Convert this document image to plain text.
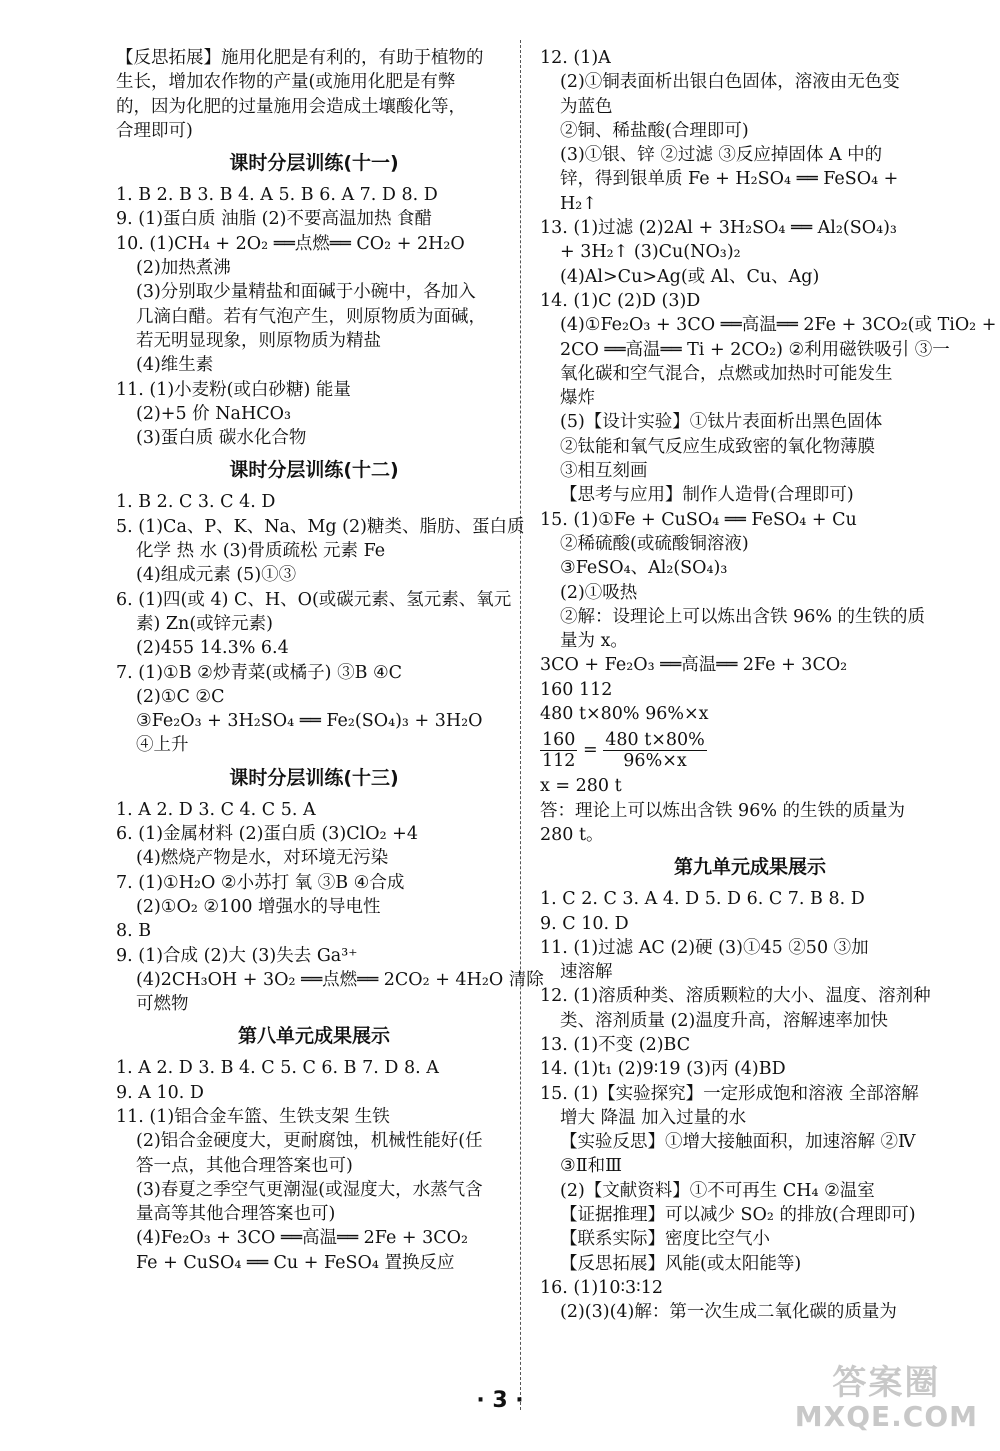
【反思拓展】施用化肥是有利的，有助于植物的
生长，增加农作物的产量(或施用化肥是有弊
的，因为化肥的过量施用会造成土壤酸化等，
合理即可)
课时分层训练(十一)
1. B 2. B 3. B 4. A 5. B 6. A 7. D 8. D
9. (1)蛋白质 油脂 (2)不要高温加热 食醋
10. (1)CH₄ + 2O₂ ══点燃══ CO₂ + 2H₂O
(2)加热煮沸
(3)分别取少量精盐和面碱于小碗中，各加入
几滴白醋。若有气泡产生，则原物质为面碱，
若无明显现象，则原物质为精盐
(4)维生素
11. (1)小麦粉(或白砂糖) 能量
(2)+5 价 NaHCO₃
(3)蛋白质 碳水化合物
课时分层训练(十二)
1. B 2. C 3. C 4. D
5. (1)Ca、P、K、Na、Mg (2)糖类、脂肪、蛋白质
化学 热 水 (3)骨质疏松 元素 Fe
(4)组成元素 (5)①③
6. (1)四(或 4) C、H、O(或碳元素、氢元素、氧元
素) Zn(或锌元素)
(2)455 14.3% 6.4
7. (1)①B ②炒青菜(或橘子) ③B ④C
(2)①C ②C
③Fe₂O₃ + 3H₂SO₄ ══ Fe₂(SO₄)₃ + 3H₂O
④上升
课时分层训练(十三)
1. A 2. D 3. C 4. C 5. A
6. (1)金属材料 (2)蛋白质 (3)ClO₂ +4
(4)燃烧产物是水，对环境无污染
7. (1)①H₂O ②小苏打 氧 ③B ④合成
(2)①O₂ ②100 增强水的导电性
8. B
9. (1)合成 (2)大 (3)失去 Ga³⁺
(4)2CH₃OH + 3O₂ ══点燃══ 2CO₂ + 4H₂O 清除
可燃物
第八单元成果展示
1. A 2. D 3. B 4. C 5. C 6. B 7. D 8. A
9. A 10. D
11. (1)铝合金车篮、生铁支架 生铁
(2)铝合金硬度大，更耐腐蚀，机械性能好(任
答一点，其他合理答案也可)
(3)春夏之季空气更潮湿(或湿度大，水蒸气含
量高等其他合理答案也可)
(4)Fe₂O₃ + 3CO ══高温══ 2Fe + 3CO₂
Fe + CuSO₄ ══ Cu + FeSO₄ 置换反应
12. (1)A
(2)①铜表面析出银白色固体，溶液由无色变
为蓝色
②铜、稀盐酸(合理即可)
(3)①银、锌 ②过滤 ③反应掉固体 A 中的
锌，得到银单质 Fe + H₂SO₄ ══ FeSO₄ +
H₂↑
13. (1)过滤 (2)2Al + 3H₂SO₄ ══ Al₂(SO₄)₃
+ 3H₂↑ (3)Cu(NO₃)₂
(4)Al>Cu>Ag(或 Al、Cu、Ag)
14. (1)C (2)D (3)D
(4)①Fe₂O₃ + 3CO ══高温══ 2Fe + 3CO₂(或 TiO₂ +
2CO ══高温══ Ti + 2CO₂) ②利用磁铁吸引 ③一
氧化碳和空气混合，点燃或加热时可能发生
爆炸
(5)【设计实验】①钛片表面析出黑色固体
②钛能和氧气反应生成致密的氧化物薄膜
③相互刻画
【思考与应用】制作人造骨(合理即可)
15. (1)①Fe + CuSO₄ ══ FeSO₄ + Cu
②稀硫酸(或硫酸铜溶液)
③FeSO₄、Al₂(SO₄)₃
(2)①吸热
②解：设理论上可以炼出含铁 96% 的生铁的质
量为 x。
3CO + Fe₂O₃ ══高温══ 2Fe + 3CO₂
160 112
480 t×80% 96%×x
$\frac{160}{112} = \frac{480 t\times 80\%}{96\%\times x}$
x = 280 t
答：理论上可以炼出含铁 96% 的生铁的质量为
280 t。
第九单元成果展示
1. C 2. C 3. A 4. D 5. D 6. C 7. B 8. D
9. C 10. D
11. (1)过滤 AC (2)硬 (3)①45 ②50 ③加
速溶解
12. (1)溶质种类、溶质颗粒的大小、温度、溶剂种
类、溶剂质量 (2)温度升高，溶解速率加快
13. (1)不变 (2)BC
14. (1)t₁ (2)9∶19 (3)丙 (4)BD
15. (1)【实验探究】一定形成饱和溶液 全部溶解
增大 降温 加入过量的水
【实验反思】①增大接触面积，加速溶解 ②Ⅳ
③Ⅱ和Ⅲ
(2)【文献资料】①不可再生 CH₄ ②温室
【证据推理】可以减少 SO₂ 的排放(合理即可)
【联系实际】密度比空气小
【反思拓展】风能(或太阳能等)
16. (1)10∶3∶12
(2)(3)(4)解：第一次生成二氧化碳的质量为
· 3 ·	答案圈
MXQE.COM
